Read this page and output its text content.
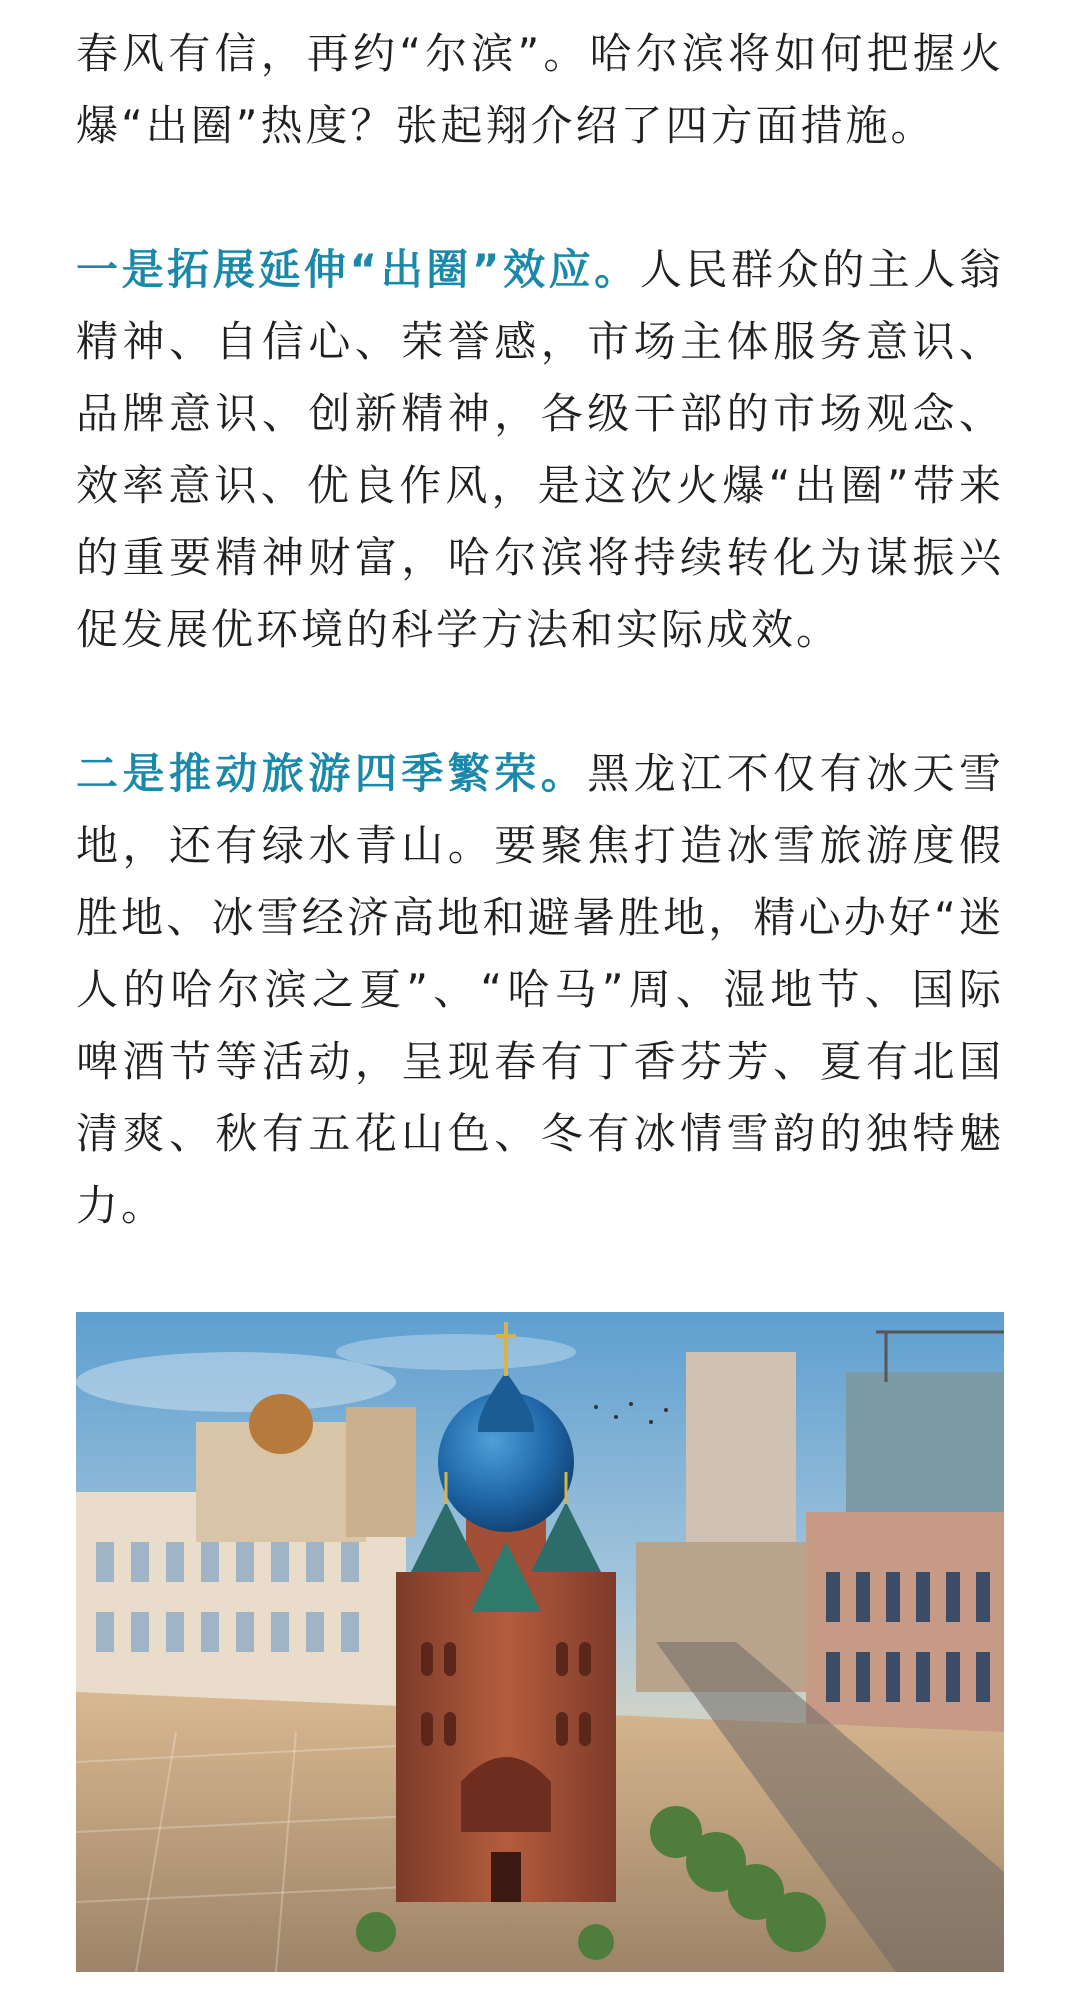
春风有信，再约“尔滨”。哈尔滨将如何把握火爆“出圈”热度？张起翔介绍了四方面措施。

一是拓展延伸“出圈”效应。人民群众的主人翁精神、自信心、荣誉感，市场主体服务意识、品牌意识、创新精神，各级干部的市场观念、效率意识、优良作风，是这次火爆“出圈”带来的重要精神财富，哈尔滨将持续转化为谋振兴促发展优环境的科学方法和实际成效。

二是推动旅游四季繁荣。黑龙江不仅有冰天雪地，还有绿水青山。要聚焦打造冰雪旅游度假胜地、冰雪经济高地和避暑胜地，精心办好“迷人的哈尔滨之夏”、“哈马”周、湿地节、国际啤酒节等活动，呈现春有丁香芬芳、夏有北国清爽、秋有五花山色、冬有冰情雪韵的独特魅力。
